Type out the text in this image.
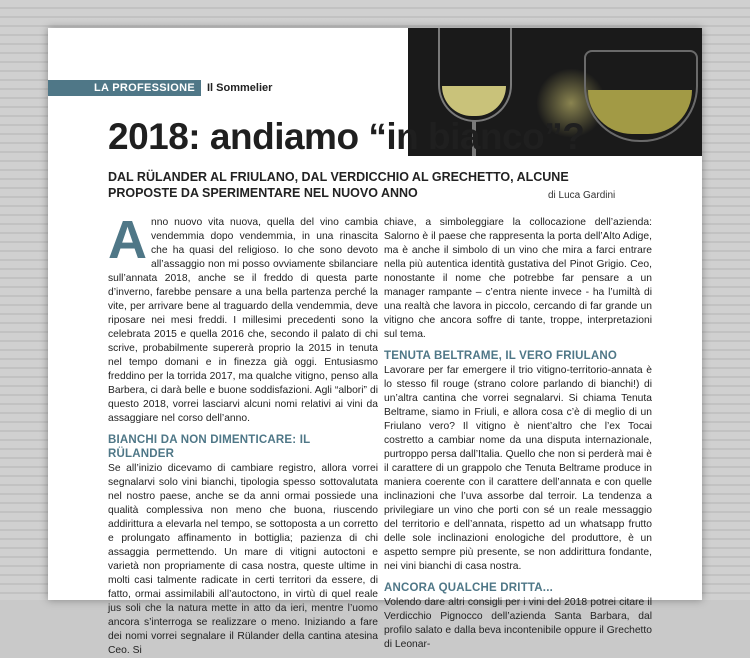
LA PROFESSIONE	Il Sommelier
2018: andiamo “in bianco”?

DAL RÜLANDER AL FRIULANO, DAL VERDICCHIO AL GRECHETTO, ALCUNE PROPOSTE DA SPERIMENTARE NEL NUOVO ANNO	di Luca Gardini

Anno nuovo vita nuova, quella del vino cambia vendemmia dopo vendemmia, in una rinascita che ha quasi del religioso. Io che sono devoto all’assaggio non mi posso ovviamente sbilanciare sull’annata 2018, anche se il freddo di questa parte d’inverno, farebbe pensare a una bella partenza perché la vite, per arrivare bene al traguardo della vendemmia, deve riposare nei mesi freddi. I millesimi precedenti sono la celebrata 2015 e quella 2016 che, secondo il palato di chi scrive, probabilmente supererà proprio la 2015 in tenuta nel tempo domani e in finezza già oggi. Entusiasmo freddino per la torrida 2017, ma qualche vitigno, penso alla Barbera, ci darà belle e buone soddisfazioni. Agli “albori” di questo 2018, vorrei lasciarvi alcuni nomi relativi ai vini da assaggiare nel corso dell’anno.

BIANCHI DA NON DIMENTICARE: IL RÜLANDER

Se all’inizio dicevamo di cambiare registro, allora vorrei segnalarvi solo vini bianchi, tipologia spesso sottovalutata nel nostro paese, anche se da anni ormai possiede una qualità complessiva non meno che buona, riuscendo addirittura a elevarla nel tempo, se sottoposta a un corretto e prolungato affinamento in bottiglia; pazienza di chi assaggia permettendo. Un mare di vitigni autoctoni e varietà non propriamente di casa nostra, queste ultime in molti casi talmente radicate in certi territori da essere, di fatto, ormai assimilabili all’autoctono, in virtù di quel reale jus soli che la natura mette in atto da ieri, mentre l’uomo ancora s’interroga se realizzare o meno. Iniziando a fare dei nomi vorrei segnalare il Rülander della cantina atesina Ceo. Si

chiave, a simboleggiare la collocazione dell’azienda: Salorno è il paese che rappresenta la porta dell’Alto Adige, ma è anche il simbolo di un vino che mira a farci entrare nella più autentica identità gustativa del Pinot Grigio. Ceo, nonostante il nome che potrebbe far pensare a un manager rampante – c’entra niente invece - ha l’umiltà di una realtà che lavora in piccolo, cercando di far grande un vitigno che ancora soffre di tante, troppe, interpretazioni sul tema.

TENUTA BELTRAME, IL VERO FRIULANO

Lavorare per far emergere il trio vitigno-territorio-annata è lo stesso fil rouge (strano colore parlando di bianchi!) di un’altra cantina che vorrei segnalarvi. Si chiama Tenuta Beltrame, siamo in Friuli, e allora cosa c’è di meglio di un Friulano vero? Il vitigno è nient’altro che l’ex Tocai costretto a cambiar nome da una disputa internazionale, purtroppo persa dall’Italia. Quello che non si perderà mai è il carattere di un grappolo che Tenuta Beltrame produce in maniera coerente con il carattere dell’annata e con quelle inclinazioni che l’uva assorbe dal terroir. La tendenza a privilegiare un vino che porti con sé un reale messaggio del territorio e dell’annata, rispetto ad un whatsapp frutto delle sole inclinazioni enologiche del produttore, è un aspetto sempre più presente, se non addirittura fondante, nei vini bianchi di casa nostra.

ANCORA QUALCHE DRITTA...

Volendo dare altri consigli per i vini del 2018 potrei citare il Verdicchio Pignocco dell’azienda Santa Barbara, dal profilo salato e dalla beva incontenibile oppure il Grechetto di Leonar-
